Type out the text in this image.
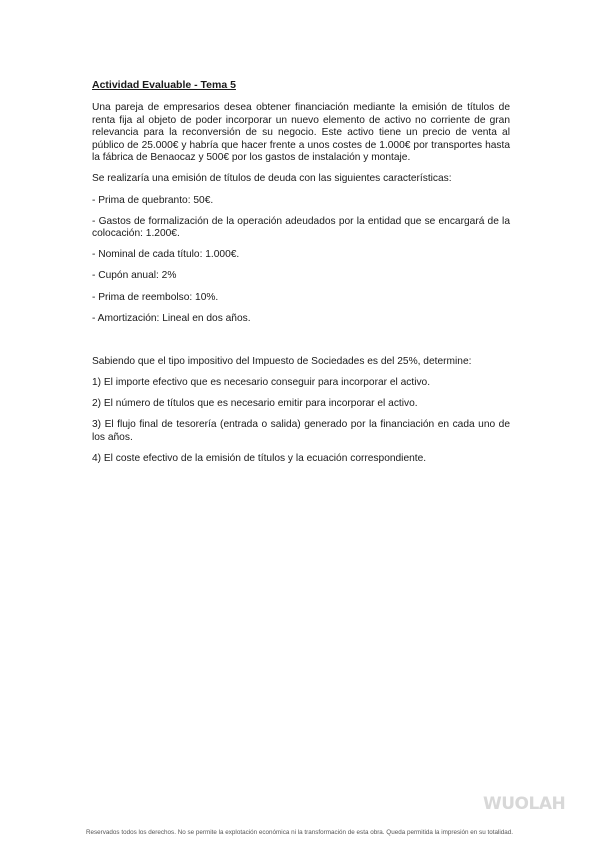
Actividad Evaluable - Tema 5

Una pareja de empresarios desea obtener financiación mediante la emisión de títulos de renta fija al objeto de poder incorporar un nuevo elemento de activo no corriente de gran relevancia para la reconversión de su negocio. Este activo tiene un precio de venta al público de 25.000€ y habría que hacer frente a unos costes de 1.000€ por transportes hasta la fábrica de Benaocaz y 500€ por los gastos de instalación y montaje.

Se realizaría una emisión de títulos de deuda con las siguientes características:

- Prima de quebranto: 50€.

- Gastos de formalización de la operación adeudados por la entidad que se encargará de la colocación: 1.200€.

- Nominal de cada título: 1.000€.

- Cupón anual: 2%

- Prima de reembolso: 10%.

- Amortización: Lineal en dos años.

Sabiendo que el tipo impositivo del Impuesto de Sociedades es del 25%, determine:

1) El importe efectivo que es necesario conseguir para incorporar el activo.

2) El número de títulos que es necesario emitir para incorporar el activo.

3) El flujo final de tesorería (entrada o salida) generado por la financiación en cada uno de los años.

4) El coste efectivo de la emisión de títulos y la ecuación correspondiente.

WUOLAH
Reservados todos los derechos. No se permite la explotación económica ni la transformación de esta obra. Queda permitida la impresión en su totalidad.
